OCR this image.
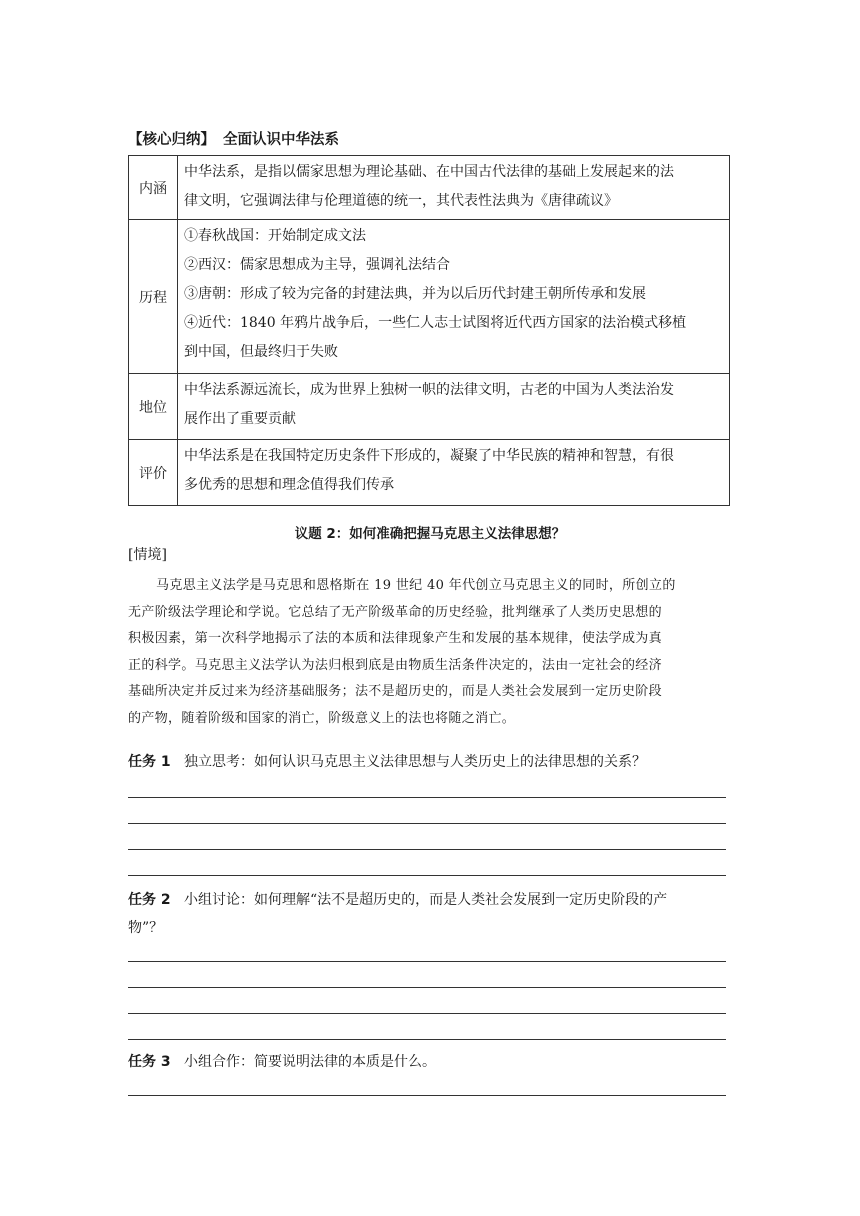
【核心归纳】 全面认识中华法系
内涵	中华法系，是指以儒家思想为理论基础、在中国古代法律的基础上发展起来的法
律文明，它强调法律与伦理道德的统一，其代表性法典为《唐律疏议》

历程	①春秋战国：开始制定成文法
②西汉：儒家思想成为主导，强调礼法结合
③唐朝：形成了较为完备的封建法典，并为以后历代封建王朝所传承和发展
④近代：1840 年鸦片战争后，一些仁人志士试图将近代西方国家的法治模式移植
到中国，但最终归于失败

地位	中华法系源远流长，成为世界上独树一帜的法律文明，古老的中国为人类法治发
展作出了重要贡献

评价	中华法系是在我国特定历史条件下形成的，凝聚了中华民族的精神和智慧，有很
多优秀的思想和理念值得我们传承
议题 2：如何准确把握马克思主义法律思想？
[情境]
马克思主义法学是马克思和恩格斯在 19 世纪 40 年代创立马克思主义的同时，所创立的
无产阶级法学理论和学说。它总结了无产阶级革命的历史经验，批判继承了人类历史思想的
积极因素，第一次科学地揭示了法的本质和法律现象产生和发展的基本规律，使法学成为真
正的科学。马克思主义法学认为法归根到底是由物质生活条件决定的，法由一定社会的经济
基础所决定并反过来为经济基础服务；法不是超历史的，而是人类社会发展到一定历史阶段
的产物，随着阶级和国家的消亡，阶级意义上的法也将随之消亡。
任务 1 独立思考：如何认识马克思主义法律思想与人类历史上的法律思想的关系？
任务 2 小组讨论：如何理解“法不是超历史的，而是人类社会发展到一定历史阶段的产
物”？
任务 3 小组合作：简要说明法律的本质是什么。
